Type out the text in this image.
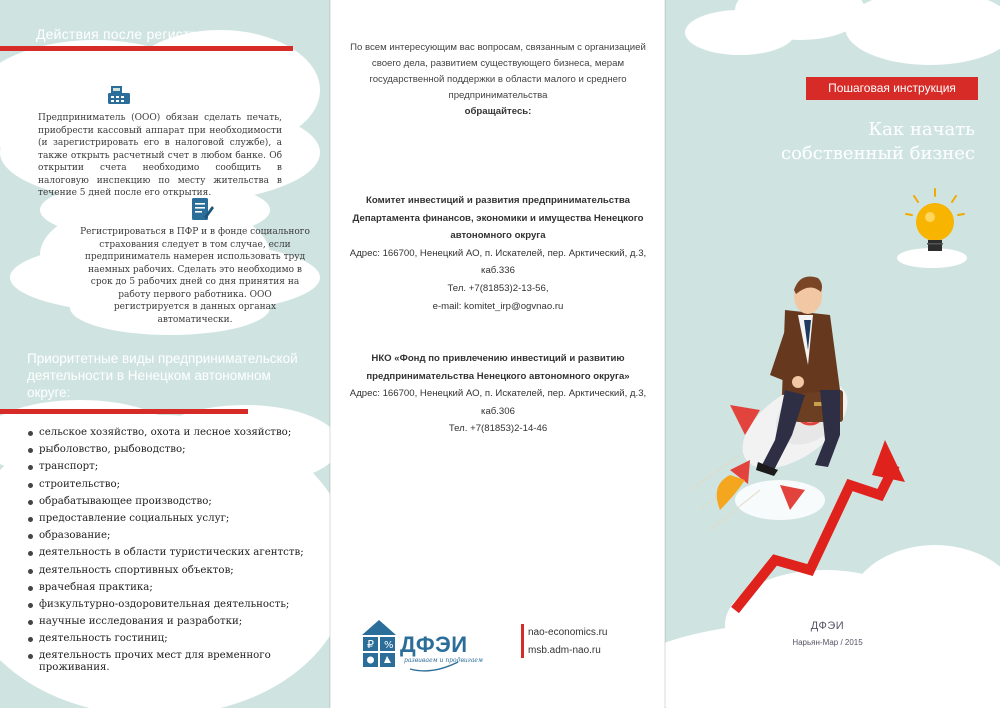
Действия после регистрации
Предприниматель (ООО) обязан сделать печать, приобрести кассовый аппарат при необходимости (и зарегистрировать его в налоговой службе), а также открыть расчетный счет в любом банке. Об открытии счета необходимо сообщить в налоговую инспекцию по месту жительства в течение 5 дней после его открытия.
Регистрироваться в ПФР и в фонде социального страхования следует в том случае, если предприниматель намерен использовать труд наемных рабочих. Сделать это необходимо в срок до 5 рабочих дней со дня принятия на работу первого работника. ООО регистрируется в данных органах автоматически.
Приоритетные виды предпринимательской деятельности в Ненецком автономном округе:
сельское хозяйство, охота и лесное хозяйство;
рыболовство, рыбоводство;
транспорт;
строительство;
обрабатывающее производство;
предоставление социальных услуг;
образование;
деятельность в области туристических агентств;
деятельность спортивных объектов;
врачебная практика;
физкультурно-оздоровительная деятельность;
научные исследования и разработки;
деятельность гостиниц;
деятельность прочих мест для временного проживания.
По всем интересующим вас вопросам, связанным с организацией своего дела, развитием существующего бизнеса, мерам государственной поддержки в области малого и среднего предпринимательства
обращайтесь:
Комитет инвестиций и развития предпринимательства Департамента финансов, экономики и имущества Ненецкого автономного округа
Адрес: 166700, Ненецкий АО, п. Искателей, пер. Арктический, д.3, каб.336
Тел. +7(81853)2-13-56,
e-mail: komitet_irp@ogvnao.ru
НКО «Фонд по привлечению инвестиций и развитию предпринимательства Ненецкого автономного округа»
Адрес: 166700, Ненецкий АО, п. Искателей, пер. Арктический, д.3, каб.306
Тел. +7(81853)2-14-46
₽ % ДФЭИ
развиваем и продвигаем
nao-economics.ru
msb.adm-nao.ru
Пошаговая инструкция
Как начать собственный бизнес
ДФЭИ
Нарьян-Мар / 2015
